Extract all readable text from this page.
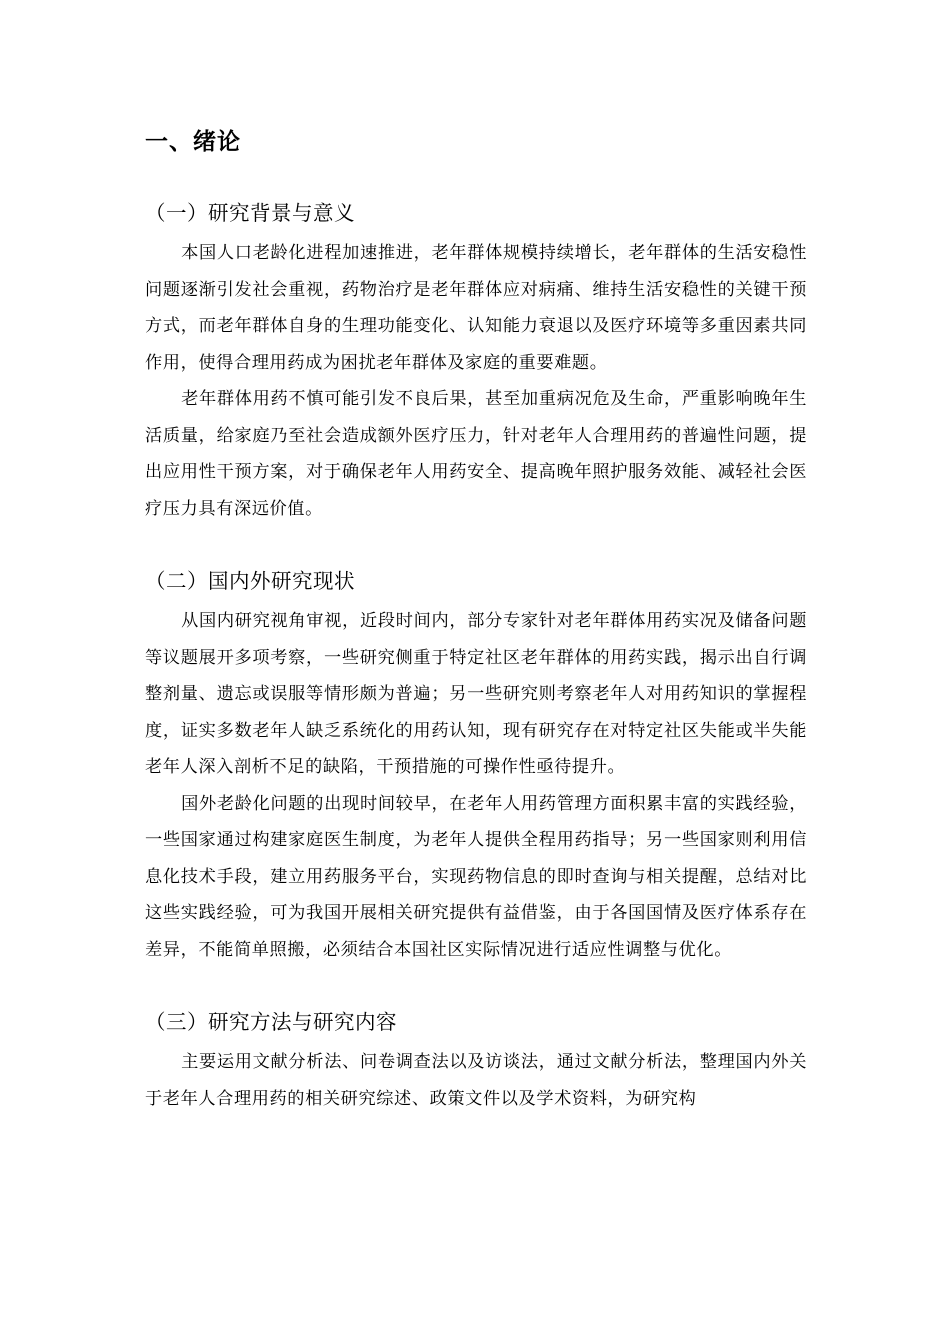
一、绪论
（一）研究背景与意义

本国人口老龄化进程加速推进，老年群体规模持续增长，老年群体的生活安稳性问题逐渐引发社会重视，药物治疗是老年群体应对病痛、维持生活安稳性的关键干预方式，而老年群体自身的生理功能变化、认知能力衰退以及医疗环境等多重因素共同作用，使得合理用药成为困扰老年群体及家庭的重要难题。

老年群体用药不慎可能引发不良后果，甚至加重病况危及生命，严重影响晚年生活质量，给家庭乃至社会造成额外医疗压力，针对老年人合理用药的普遍性问题，提出应用性干预方案，对于确保老年人用药安全、提高晚年照护服务效能、减轻社会医疗压力具有深远价值。

（二）国内外研究现状

从国内研究视角审视，近段时间内，部分专家针对老年群体用药实况及储备问题等议题展开多项考察，一些研究侧重于特定社区老年群体的用药实践，揭示出自行调整剂量、遗忘或误服等情形颇为普遍；另一些研究则考察老年人对用药知识的掌握程度，证实多数老年人缺乏系统化的用药认知，现有研究存在对特定社区失能或半失能老年人深入剖析不足的缺陷，干预措施的可操作性亟待提升。

国外老龄化问题的出现时间较早，在老年人用药管理方面积累丰富的实践经验，一些国家通过构建家庭医生制度，为老年人提供全程用药指导；另一些国家则利用信息化技术手段，建立用药服务平台，实现药物信息的即时查询与相关提醒，总结对比这些实践经验，可为我国开展相关研究提供有益借鉴，由于各国国情及医疗体系存在差异，不能简单照搬，必须结合本国社区实际情况进行适应性调整与优化。

（三）研究方法与研究内容

主要运用文献分析法、问卷调查法以及访谈法，通过文献分析法，整理国内外关于老年人合理用药的相关研究综述、政策文件以及学术资料，为研究构
